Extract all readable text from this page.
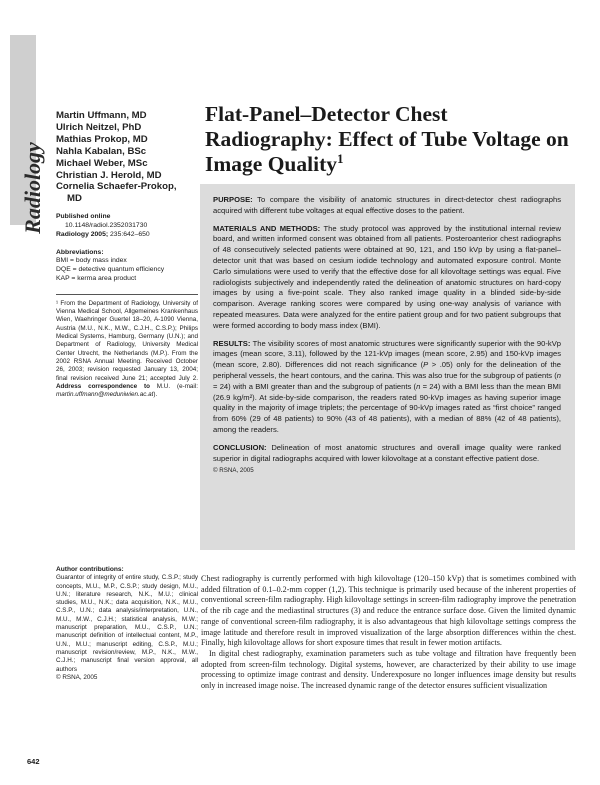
Radiology
Martin Uffmann, MD
Ulrich Neitzel, PhD
Mathias Prokop, MD
Nahla Kabalan, BSc
Michael Weber, MSc
Christian J. Herold, MD
Cornelia Schaefer-Prokop,
MD
Published online
10.1148/radiol.2352031730
Radiology 2005; 235:642–650
Abbreviations:
BMI = body mass index
DQE = detective quantum efficiency
KAP = kerma area product
¹ From the Department of Radiology, University of Vienna Medical School, Allgemeines Krankenhaus Wien, Waehringer Guertel 18–20, A-1090 Vienna, Austria (M.U., N.K., M.W., C.J.H., C.S.P.); Philips Medical Systems, Hamburg, Germany (U.N.); and Department of Radiology, University Medical Center Utrecht, the Netherlands (M.P.). From the 2002 RSNA Annual Meeting. Received October 26, 2003; revision requested January 13, 2004; final revision received June 21; accepted July 2. Address correspondence to M.U. (e-mail: martin.uffmann@meduniwien.ac.at).
Author contributions:
Guarantor of integrity of entire study, C.S.P.; study concepts, M.U., M.P., C.S.P.; study design, M.U., U.N.; literature research, N.K., M.U.; clinical studies, M.U., N.K.; data acquisition, N.K., M.U., C.S.P., U.N.; data analysis/interpretation, U.N., M.U., M.W., C.J.H.; statistical analysis, M.W.; manuscript preparation, M.U., C.S.P., U.N.; manuscript definition of intellectual content, M.P., U.N., M.U.; manuscript editing, C.S.P., M.U.; manuscript revision/review, M.P., N.K., M.W., C.J.H.; manuscript final version approval, all authors
© RSNA, 2005
Flat-Panel–Detector Chest Radiography: Effect of Tube Voltage on Image Quality$^1$

PURPOSE: To compare the visibility of anatomic structures in direct-detector chest radiographs acquired with different tube voltages at equal effective doses to the patient.

MATERIALS AND METHODS: The study protocol was approved by the institutional internal review board, and written informed consent was obtained from all patients. Posteroanterior chest radiographs of 48 consecutively selected patients were obtained at 90, 121, and 150 kVp by using a flat-panel–detector unit that was based on cesium iodide technology and automated exposure control. Monte Carlo simulations were used to verify that the effective dose for all kilovoltage settings was equal. Five radiologists subjectively and independently rated the delineation of anatomic structures on hard-copy images by using a five-point scale. They also ranked image quality in a blinded side-by-side comparison. Average ranking scores were compared by using one-way analysis of variance with repeated measures. Data were analyzed for the entire patient group and for two patient subgroups that were formed according to body mass index (BMI).

RESULTS: The visibility scores of most anatomic structures were significantly superior with the 90-kVp images (mean score, 3.11), followed by the 121-kVp images (mean score, 2.95) and 150-kVp images (mean score, 2.80). Differences did not reach significance (P > .05) only for the delineation of the peripheral vessels, the heart contours, and the carina. This was also true for the subgroup of patients (n = 24) with a BMI greater than and the subgroup of patients (n = 24) with a BMI less than the mean BMI (26.9 kg/m²). At side-by-side comparison, the readers rated 90-kVp images as having superior image quality in the majority of image triplets; the percentage of 90-kVp images rated as “first choice” ranged from 60% (29 of 48 patients) to 90% (43 of 48 patients), with a median of 88% (42 of 48 patients), among the readers.

CONCLUSION: Delineation of most anatomic structures and overall image quality were ranked superior in digital radiographs acquired with lower kilovoltage at a constant effective patient dose.

© RSNA, 2005

Chest radiography is currently performed with high kilovoltage (120–150 kVp) that is sometimes combined with added filtration of 0.1–0.2-mm copper (1,2). This technique is primarily used because of the inherent properties of conventional screen-film radiography. High kilovoltage settings in screen-film radiography improve the penetration of the rib cage and the mediastinal structures (3) and reduce the entrance surface dose. Given the limited dynamic range of conventional screen-film radiography, it is also advantageous that high kilovoltage settings compress the image latitude and therefore result in improved visualization of the large absorption differences within the chest. Finally, high kilovoltage allows for short exposure times that result in fewer motion artifacts.

In digital chest radiography, examination parameters such as tube voltage and filtration have frequently been adopted from screen-film technology. Digital systems, however, are characterized by their ability to use image processing to optimize image contrast and density. Underexposure no longer influences image density but results only in increased image noise. The increased dynamic range of the detector ensures sufficient visualization

642
